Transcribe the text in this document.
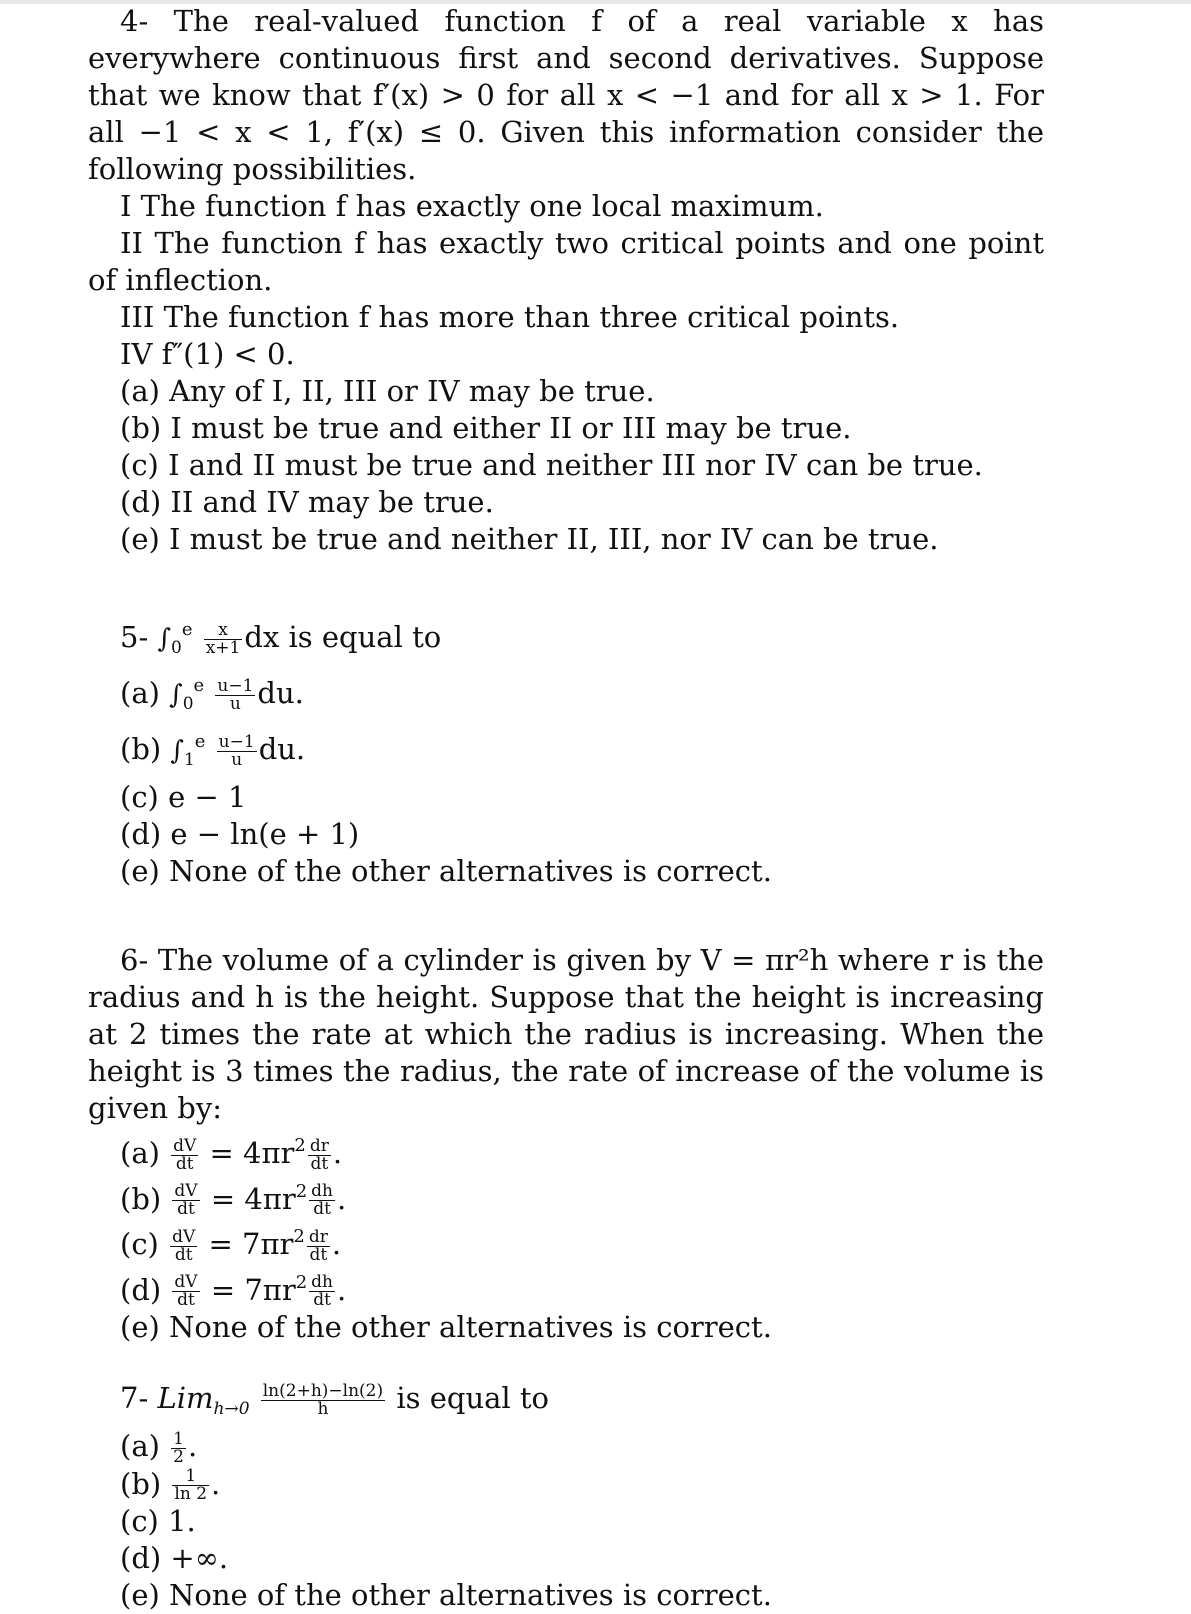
4- The real-valued function f of a real variable x has everywhere continuous first and second derivatives. Suppose that we know that f′(x) > 0 for all x < −1 and for all x > 1. For all −1 < x < 1, f′(x) ≤ 0. Given this information consider the following possibilities.
I The function f has exactly one local maximum.
II The function f has exactly two critical points and one point of inflection.
III The function f has more than three critical points.
IV f″(1) < 0.
(a) Any of I, II, III or IV may be true.
(b) I must be true and either II or III may be true.
(c) I and II must be true and neither III nor IV can be true.
(d) II and IV may be true.
(e) I must be true and neither II, III, nor IV can be true.
5- $\int_0^e \frac{x}{x+1}$ dx is equal to
(a) $\int_0^e \frac{u-1}{u}$ du.
(b) $\int_1^e \frac{u-1}{u}$ du.
(c) e − 1
(d) e − ln(e + 1)
(e) None of the other alternatives is correct.
6- The volume of a cylinder is given by V = πr²h where r is the radius and h is the height. Suppose that the height is increasing at 2 times the rate at which the radius is increasing. When the height is 3 times the radius, the rate of increase of the volume is given by:
$(a) \frac{dV}{dt} = 4\pi r^2 \frac{dr}{dt}$ .
$(b) \frac{dV}{dt} = 4\pi r^2 \frac{dh}{dt}$ .
$(c) \frac{dV}{dt} = 7\pi r^2 \frac{dr}{dt}$ .
$(d) \frac{dV}{dt} = 7\pi r^2 \frac{dh}{dt}$ .
(e) None of the other alternatives is correct.
7- $Lim_{h\to 0} \frac{\ln(2+h)-\ln(2)}{h}$ is equal to
$(a) \frac{1}{2}$ .
$(b) \frac{1}{\ln 2}$ .
(c) 1.
(d) +∞.
(e) None of the other alternatives is correct.
